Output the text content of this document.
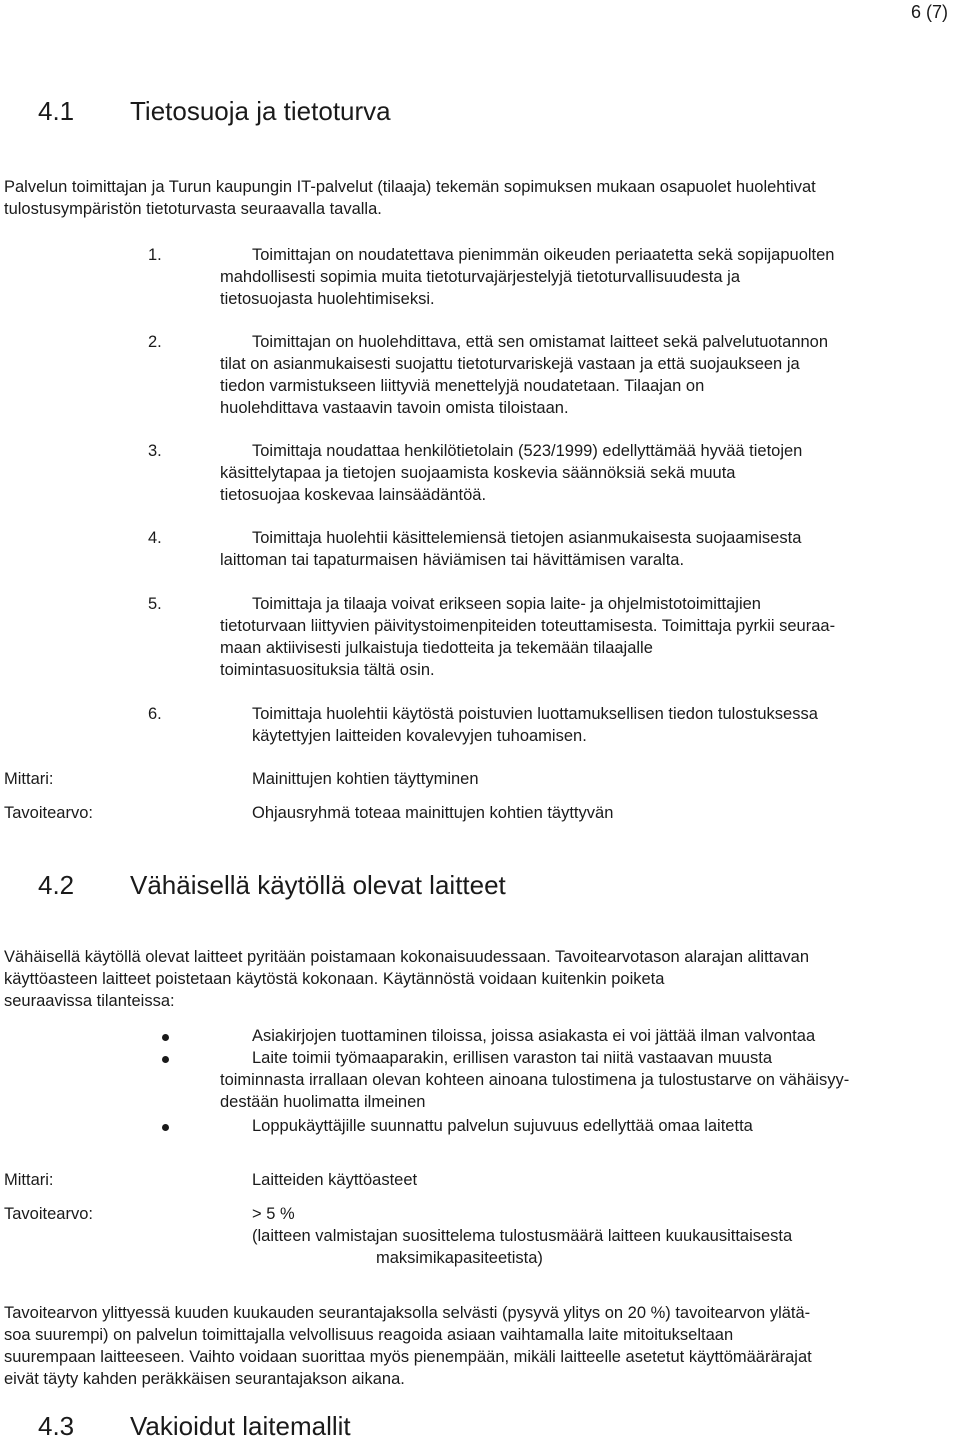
6 (7)
4.1 Tietosuoja ja tietoturva
Palvelun toimittajan ja Turun kaupungin IT-palvelut (tilaaja) tekemän sopimuksen mukaan osapuolet huolehtivat
tulostusympäristön tietoturvasta seuraavalla tavalla.
1.	Toimittajan on noudatettava pienimmän oikeuden periaatetta sekä sopijapuolten
mahdollisesti sopimia muita tietoturvajärjestelyjä tietoturvallisuudesta ja
tietosuojasta huolehtimiseksi.
2.	Toimittajan on huolehdittava, että sen omistamat laitteet sekä palvelutuotannon
tilat on asianmukaisesti suojattu tietoturvariskejä vastaan ja että suojaukseen ja
tiedon varmistukseen liittyviä menettelyjä noudatetaan. Tilaajan on
huolehdittava vastaavin tavoin omista tiloistaan.
3.	Toimittaja noudattaa henkilötietolain (523/1999) edellyttämää hyvää tietojen
käsittelytapaa ja tietojen suojaamista koskevia säännöksiä sekä muuta
tietosuojaa koskevaa lainsäädäntöä.
4.	Toimittaja huolehtii käsittelemiensä tietojen asianmukaisesta suojaamisesta
laittoman tai tapaturmaisen häviämisen tai hävittämisen varalta.
5.	Toimittaja ja tilaaja voivat erikseen sopia laite- ja ohjelmistotoimittajien
tietoturvaan liittyvien päivitystoimenpiteiden toteuttamisesta. Toimittaja pyrkii seuraa-
maan aktiivisesti julkaistuja tiedotteita ja tekemään tilaajalle
toimintasuosituksia tältä osin.
6.	Toimittaja huolehtii käytöstä poistuvien luottamuksellisen tiedon tulostuksessa
käytettyjen laitteiden kovalevyjen tuhoamisen.
Mittari:	Mainittujen kohtien täyttyminen
Tavoitearvo:	Ohjausryhmä toteaa mainittujen kohtien täyttyvän
4.2 Vähäisellä käytöllä olevat laitteet
Vähäisellä käytöllä olevat laitteet pyritään poistamaan kokonaisuudessaan. Tavoitearvotason alarajan alittavan
käyttöasteen laitteet poistetaan käytöstä kokonaan. Käytännöstä voidaan kuitenkin poiketa
seuraavissa tilanteissa:
Asiakirjojen tuottaminen tiloissa, joissa asiakasta ei voi jättää ilman valvontaa
Laite toimii työmaaparakin, erillisen varaston tai niitä vastaavan muusta
toiminnasta irrallaan olevan kohteen ainoana tulostimena ja tulostustarve on vähäisyy-
destään huolimatta ilmeinen
Loppukäyttäjille suunnattu palvelun sujuvuus edellyttää omaa laitetta
Mittari:	Laitteiden käyttöasteet
Tavoitearvo:	> 5 %
(laitteen valmistajan suosittelema tulostusmäärä laitteen kuukausittaisesta
maksimikapasiteetista)
Tavoitearvon ylittyessä kuuden kuukauden seurantajaksolla selvästi (pysyvä ylitys on 20 %) tavoitearvon ylätä-
soa suurempi) on palvelun toimittajalla velvollisuus reagoida asiaan vaihtamalla laite mitoitukseltaan
suurempaan laitteeseen. Vaihto voidaan suorittaa myös pienempään, mikäli laitteelle asetetut käyttömäärärajat
eivät täyty kahden peräkkäisen seurantajakson aikana.
4.3 Vakioidut laitemallit
